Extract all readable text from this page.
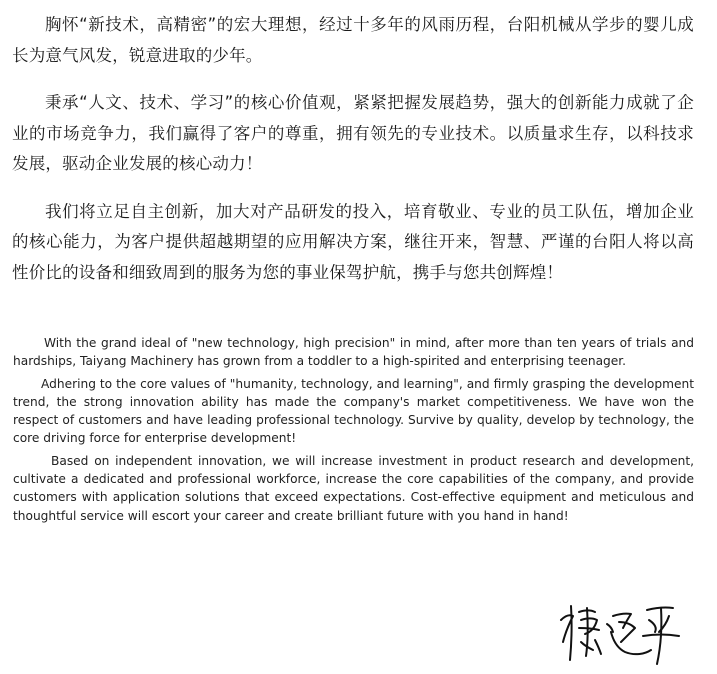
胸怀“新技术，高精密”的宏大理想，经过十多年的风雨历程，台阳机械从学步的婴儿成长为意气风发，锐意进取的少年。

秉承“人文、技术、学习”的核心价值观，紧紧把握发展趋势，强大的创新能力成就了企业的市场竞争力，我们赢得了客户的尊重，拥有领先的专业技术。以质量求生存，以科技求发展，驱动企业发展的核心动力！

我们将立足自主创新，加大对产品研发的投入，培育敬业、专业的员工队伍，增加企业的核心能力，为客户提供超越期望的应用解决方案，继往开来，智慧、严谨的台阳人将以高性价比的设备和细致周到的服务为您的事业保驾护航，携手与您共创辉煌！

With the grand ideal of "new technology, high precision" in mind, after more than ten years of trials and hardships, Taiyang Machinery has grown from a toddler to a high-spirited and enterprising teenager.

Adhering to the core values of "humanity, technology, and learning", and firmly grasping the development trend, the strong innovation ability has made the company's market competitiveness. We have won the respect of customers and have leading professional technology. Survive by quality, develop by technology, the core driving force for enterprise development!

Based on independent innovation, we will increase investment in product research and development, cultivate a dedicated and professional workforce, increase the core capabilities of the company, and provide customers with application solutions that exceed expectations. Cost-effective equipment and meticulous and thoughtful service will escort your career and create brilliant future with you hand in hand!
